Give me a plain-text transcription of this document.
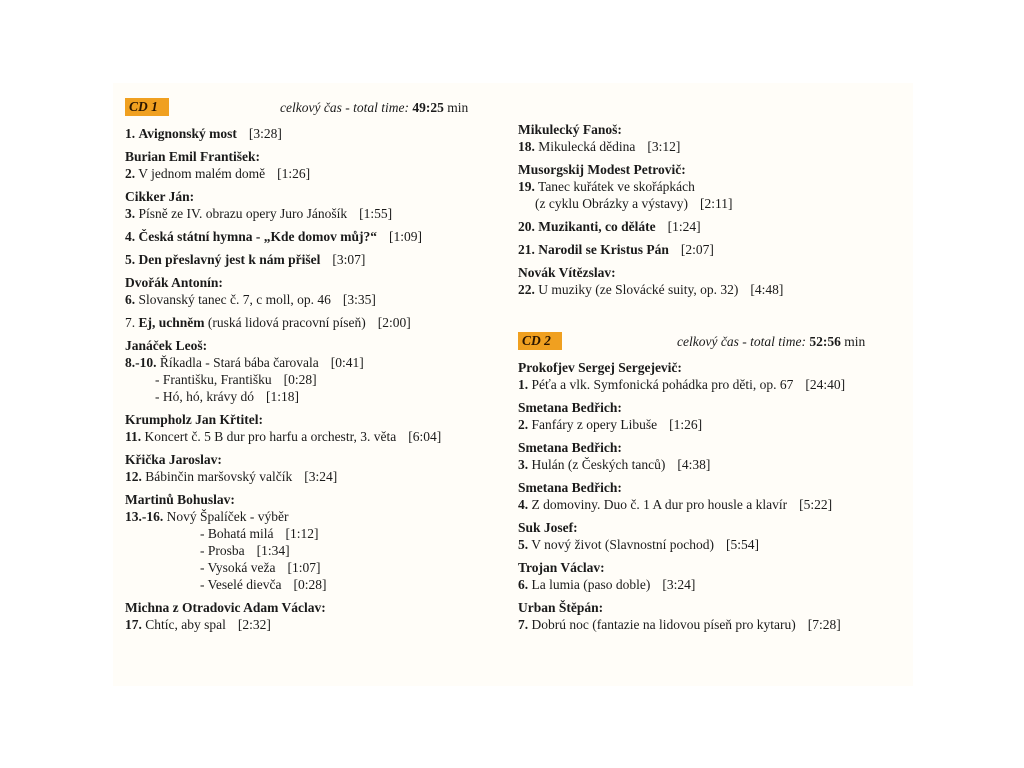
CD 1	celkový čas - total time: 49:25 min
1. Avignonský most [3:28]
Burian Emil František:
2. V jednom malém domě [1:26]
Cikker Ján:
3. Písně ze IV. obrazu opery Juro Jánošík [1:55]
4. Česká státní hymna - „Kde domov můj?“ [1:09]
5. Den přeslavný jest k nám přišel [3:07]
Dvořák Antonín:
6. Slovanský tanec č. 7, c moll, op. 46 [3:35]
7. Ej, uchněm (ruská lidová pracovní píseň) [2:00]
Janáček Leoš:
8.-10. Říkadla - Stará bába čarovala [0:41]
- Františku, Františku [0:28]
- Hó, hó, krávy dó [1:18]
Krumpholz Jan Křtitel:
11. Koncert č. 5 B dur pro harfu a orchestr, 3. věta [6:04]
Křička Jaroslav:
12. Bábinčin maršovský valčík [3:24]
Martinů Bohuslav:
13.-16. Nový Špalíček - výběr
- Bohatá milá [1:12]
- Prosba [1:34]
- Vysoká veža [1:07]
- Veselé dievča [0:28]
Michna z Otradovic Adam Václav:
17. Chtíc, aby spal [2:32]
Mikulecký Fanoš:
18. Mikulecká dědina [3:12]
Musorgskij Modest Petrovič:
19. Tanec kuřátek ve skořápkách
(z cyklu Obrázky a výstavy) [2:11]
20. Muzikanti, co děláte [1:24]
21. Narodil se Kristus Pán [2:07]
Novák Vítězslav:
22. U muziky (ze Slovácké suity, op. 32) [4:48]
CD 2	celkový čas - total time: 52:56 min
Prokofjev Sergej Sergejevič:
1. Péťa a vlk. Symfonická pohádka pro děti, op. 67 [24:40]
Smetana Bedřich:
2. Fanfáry z opery Libuše [1:26]
Smetana Bedřich:
3. Hulán (z Českých tanců) [4:38]
Smetana Bedřich:
4. Z domoviny. Duo č. 1 A dur pro housle a klavír [5:22]
Suk Josef:
5. V nový život (Slavnostní pochod) [5:54]
Trojan Václav:
6. La lumia (paso doble) [3:24]
Urban Štěpán:
7. Dobrú noc (fantazie na lidovou píseň pro kytaru) [7:28]
